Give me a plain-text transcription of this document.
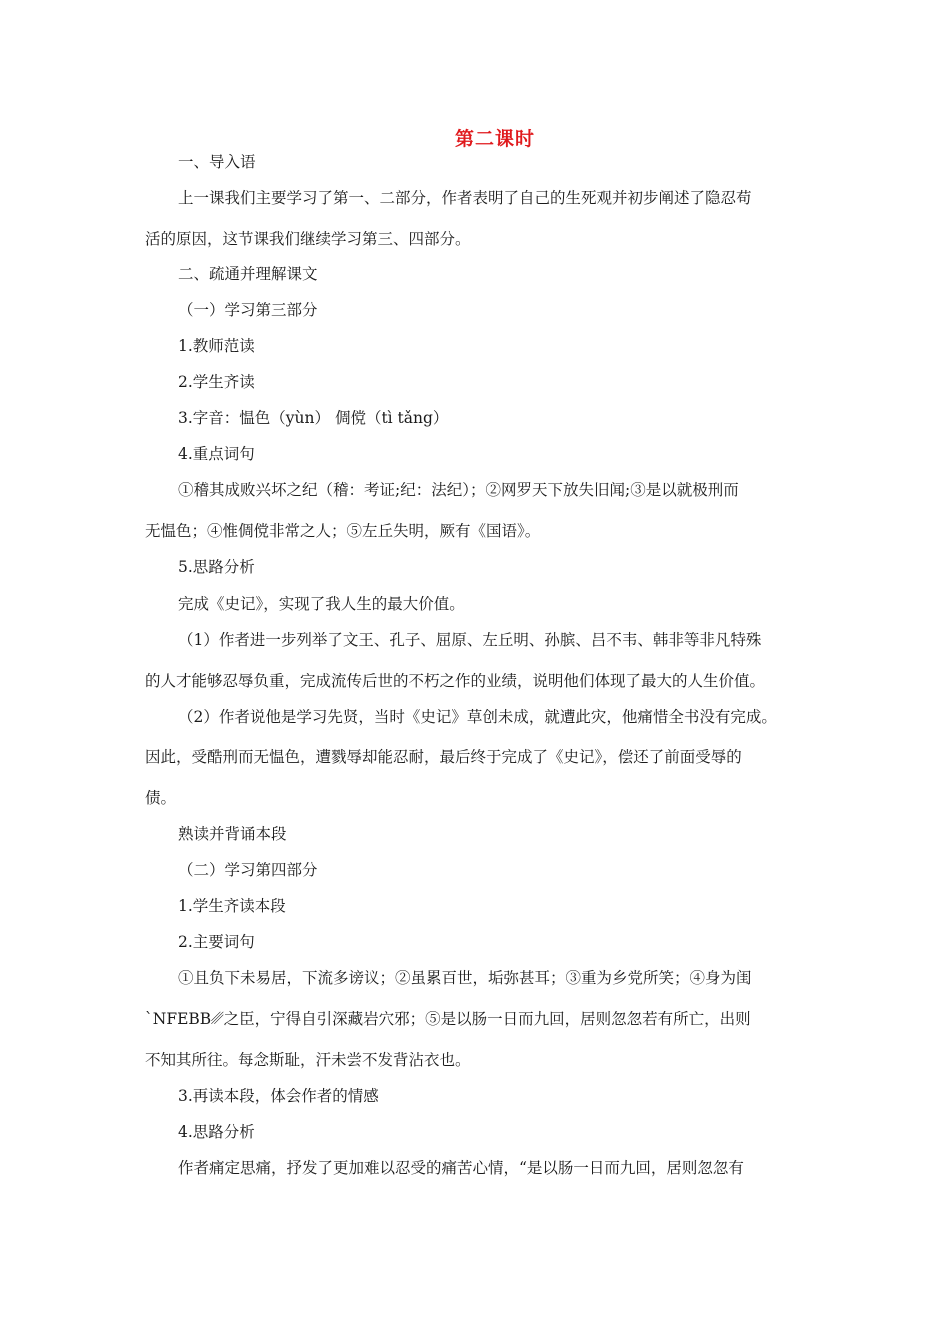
第二课时
一、导入语
上一课我们主要学习了第一、二部分，作者表明了自己的生死观并初步阐述了隐忍苟
活的原因，这节课我们继续学习第三、四部分。
二、疏通并理解课文
（一）学习第三部分
1.教师范读
2.学生齐读
3.字音：愠色（yùn） 倜傥（tì tǎng）
4.重点词句
①稽其成败兴坏之纪（稽：考证;纪：法纪）；②网罗天下放失旧闻;③是以就极刑而
无愠色；④惟倜傥非常之人；⑤左丘失明，厥有《国语》。
5.思路分析
完成《史记》，实现了我人生的最大价值。
（1）作者进一步列举了文王、孔子、屈原、左丘明、孙膑、吕不韦、韩非等非凡特殊
的人才能够忍辱负重，完成流传后世的不朽之作的业绩，说明他们体现了最大的人生价值。
（2）作者说他是学习先贤，当时《史记》草创未成，就遭此灾，他痛惜全书没有完成。
因此，受酷刑而无愠色，遭戮辱却能忍耐，最后终于完成了《史记》，偿还了前面受辱的
债。
熟读并背诵本段
（二）学习第四部分
1.学生齐读本段
2.主要词句
①且负下未易居，下流多谤议；②虽累百世，垢弥甚耳；③重为乡党所笑；④身为闺
`NFEBB␥之臣，宁得自引深藏岩穴邪；⑤是以肠一日而九回，居则忽忽若有所亡，出则
不知其所往。每念斯耻，汗未尝不发背沾衣也。
3.再读本段，体会作者的情感
4.思路分析
作者痛定思痛，抒发了更加难以忍受的痛苦心情，“是以肠一日而九回，居则忽忽有
